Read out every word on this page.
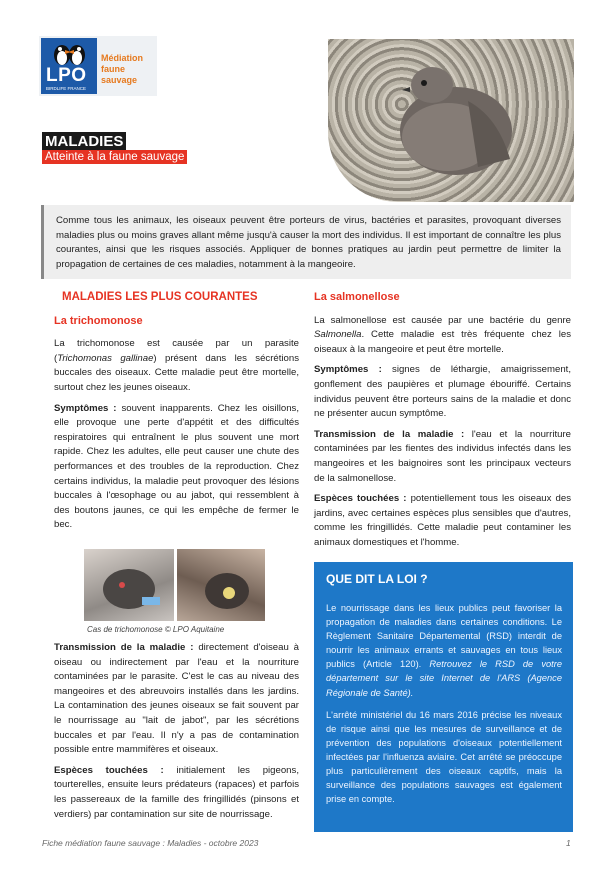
LPO
BIRDLIFE FRANCE
Médiation
faune
sauvage
MALADIES
Atteinte à la faune sauvage

Comme tous les animaux, les oiseaux peuvent être porteurs de virus, bactéries et parasites, provoquant diverses maladies plus ou moins graves allant même jusqu'à causer la mort des individus. Il est important de connaître les plus courantes, ainsi que les risques associés. Appliquer de bonnes pratiques au jardin peut permettre de limiter la propagation de certaines de ces maladies, notamment à la mangeoire.

MALADIES LES PLUS COURANTES
La trichomonose

La trichomonose est causée par un parasite (Trichomonas gallinae) présent dans les sécrétions buccales des oiseaux. Cette maladie peut être mortelle, surtout chez les jeunes oiseaux.

Symptômes : souvent inapparents. Chez les oisillons, elle provoque une perte d'appétit et des difficultés respiratoires qui entraînent le plus souvent une mort rapide. Chez les adultes, elle peut causer une chute des performances et des troubles de la reproduction. Chez certains individus, la maladie peut provoquer des lésions buccales à l'œsophage ou au jabot, qui ressemblent à des boutons jaunes, ce qui les empêche de fermer le bec.

Cas de trichomonose © LPO Aquitaine

Transmission de la maladie : directement d'oiseau à oiseau ou indirectement par l'eau et la nourriture contaminées par le parasite. C'est le cas au niveau des mangeoires et des abreuvoirs installés dans les jardins. La contamination des jeunes oiseaux se fait souvent par le nourrissage au "lait de jabot", par les sécrétions buccales et par l'eau. Il n'y a pas de contamination possible entre mammifères et oiseaux.

Espèces touchées : initialement les pigeons, tourterelles, ensuite leurs prédateurs (rapaces) et parfois les passereaux de la famille des fringillidés (pinsons et verdiers) par contamination sur site de nourrissage.

La salmonellose

La salmonellose est causée par une bactérie du genre Salmonella. Cette maladie est très fréquente chez les oiseaux à la mangeoire et peut être mortelle.

Symptômes : signes de léthargie, amaigrissement, gonflement des paupières et plumage ébouriffé. Certains individus peuvent être porteurs sains de la maladie et donc ne présenter aucun symptôme.

Transmission de la maladie : l'eau et la nourriture contaminées par les fientes des individus infectés dans les mangeoires et les baignoires sont les principaux vecteurs de la salmonellose.

Espèces touchées : potentiellement tous les oiseaux des jardins, avec certaines espèces plus sensibles que d'autres, comme les fringillidés. Cette maladie peut contaminer les animaux domestiques et l'homme.

QUE DIT LA LOI ?

Le nourrissage dans les lieux publics peut favoriser la propagation de maladies dans certaines conditions. Le Règlement Sanitaire Départemental (RSD) interdit de nourrir les animaux errants et sauvages en tous lieux publics (Article 120). Retrouvez le RSD de votre département sur le site Internet de l'ARS (Agence Régionale de Santé).

L'arrêté ministériel du 16 mars 2016 précise les niveaux de risque ainsi que les mesures de surveillance et de prévention des populations d'oiseaux potentiellement infectées par l'influenza aviaire. Cet arrêté se préoccupe plus particulièrement des oiseaux captifs, mais la surveillance des populations sauvages est également prise en compte.

Fiche médiation faune sauvage : Maladies - octobre 2023	1
